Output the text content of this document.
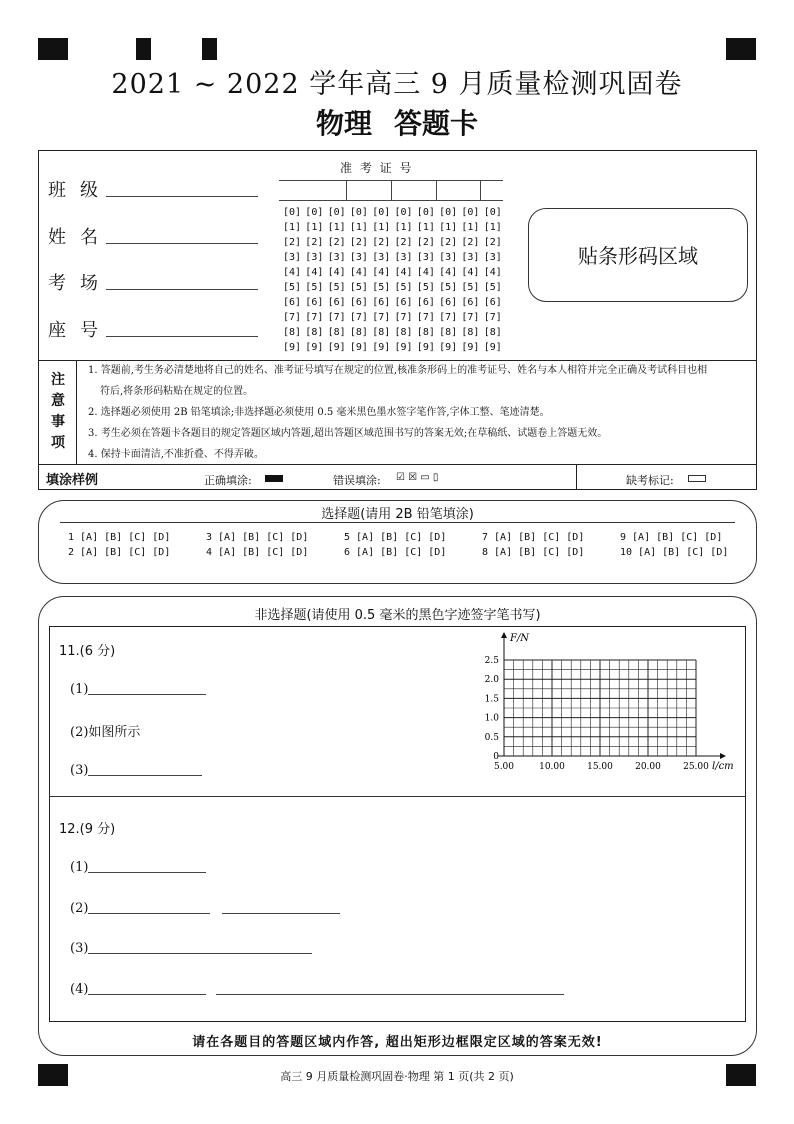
2021 ~ 2022 学年高三 9 月质量检测巩固卷
物理 答题卡
班级
姓名
考场
座号
准 考 证 号
[0] [0] [0] [0] [0] [0] [0] [0] [0] [0]
[1] [1] [1] [1] [1] [1] [1] [1] [1] [1]
[2] [2] [2] [2] [2] [2] [2] [2] [2] [2]
[3] [3] [3] [3] [3] [3] [3] [3] [3] [3]
[4] [4] [4] [4] [4] [4] [4] [4] [4] [4]
[5] [5] [5] [5] [5] [5] [5] [5] [5] [5]
[6] [6] [6] [6] [6] [6] [6] [6] [6] [6]
[7] [7] [7] [7] [7] [7] [7] [7] [7] [7]
[8] [8] [8] [8] [8] [8] [8] [8] [8] [8]
[9] [9] [9] [9] [9] [9] [9] [9] [9] [9]
贴条形码区域
注
意
事
项
1. 答题前,考生务必清楚地将自己的姓名、准考证号填写在规定的位置,核准条形码上的准考证号、姓名与本人相符并完全正确及考试科目也相
符后,将条形码粘贴在规定的位置。
2. 选择题必须使用 2B 铅笔填涂;非选择题必须使用 0.5 毫米黑色墨水签字笔作答,字体工整、笔迹清楚。
3. 考生必须在答题卡各题目的规定答题区域内答题,超出答题区域范围书写的答案无效;在草稿纸、试题卷上答题无效。
4. 保持卡面清洁,不准折叠、不得弄破。
填涂样例	正确填涂:	错误填涂: ☑ ☒ ▭ ▯	缺考标记:
选择题(请用 2B 铅笔填涂)
1 [A] [B] [C] [D]	3 [A] [B] [C] [D]	5 [A] [B] [C] [D]	7 [A] [B] [C] [D]	9 [A] [B] [C] [D]
2 [A] [B] [C] [D]	4 [A] [B] [C] [D]	6 [A] [B] [C] [D]	8 [A] [B] [C] [D]	10 [A] [B] [C] [D]
非选择题(请使用 0.5 毫米的黑色字迹签字笔书写)
11.(6 分)
(1)
(2)如图所示
(3)
F/N
l/cm
2.5
2.0
1.5
1.0
0.5
0
5.00	10.00 15.00 20.00 25.00
12.(9 分)
(1)
(2)
(3)
(4)
请在各题目的答题区域内作答, 超出矩形边框限定区域的答案无效!
高三 9 月质量检测巩固卷·物理 第 1 页(共 2 页)
